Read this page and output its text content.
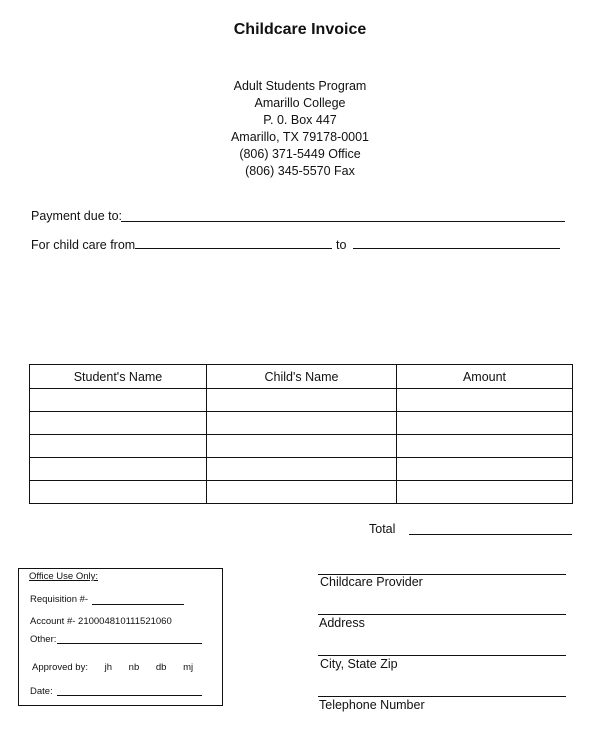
Childcare Invoice
Adult Students Program
Amarillo College
P. 0. Box 447
Amarillo, TX 79178-0001
(806) 371-5449 Office
(806) 345-5570 Fax
Payment due to:
For child care from	to
Student's Name	Child's Name	Amount

Total
Office Use Only:
Requisition #-
Account #- 210004810111521060
Other:
Approved by: jh nb db mj
Date:
Childcare Provider
Address
City, State Zip
Telephone Number
